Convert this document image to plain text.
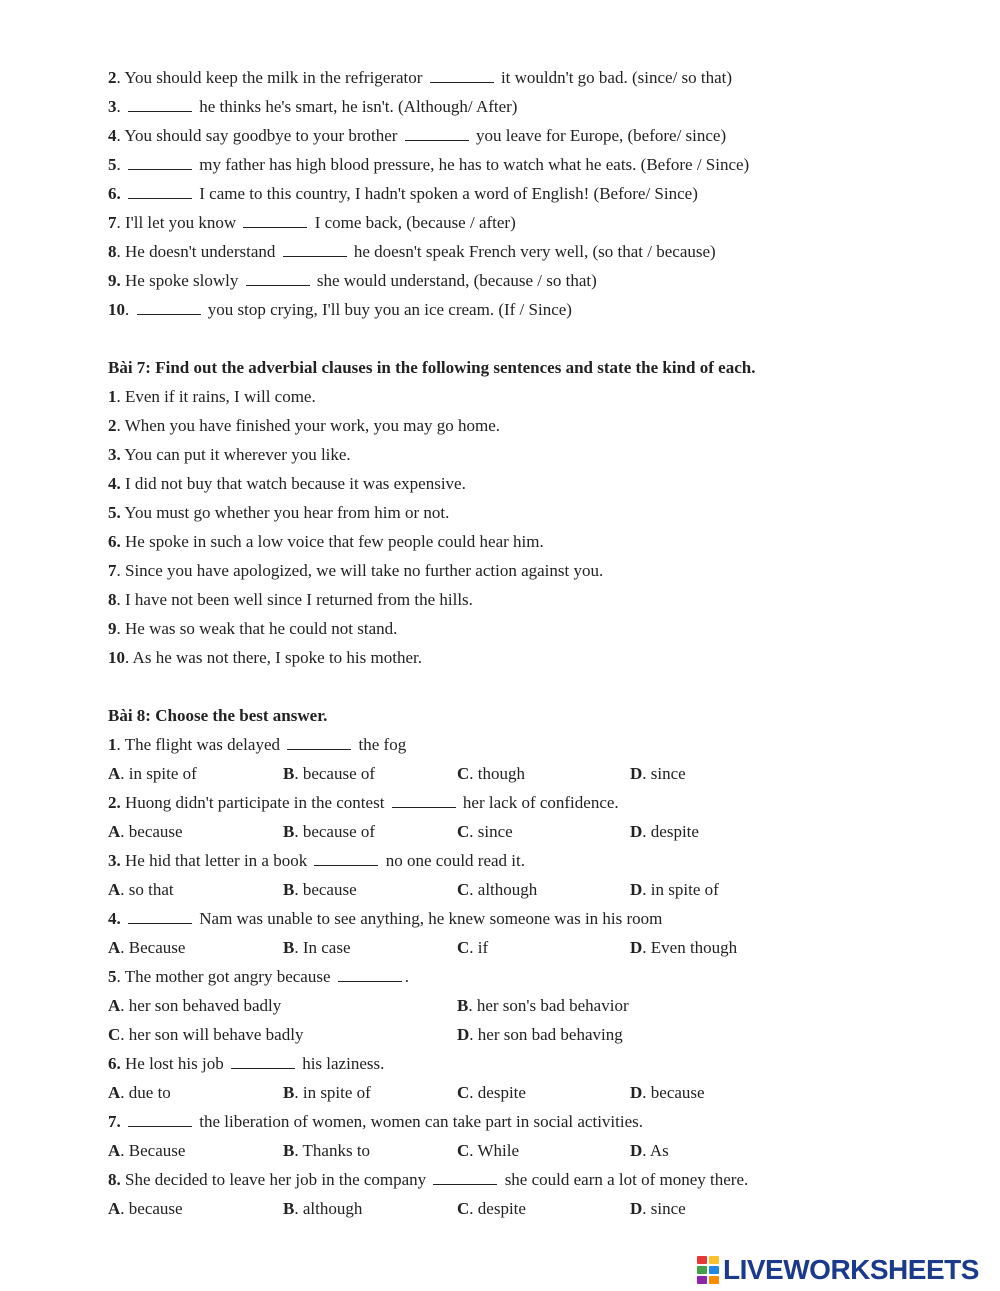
2. You should keep the milk in the refrigerator	it wouldn't go bad. (since/ so that)
3.	he thinks he's smart, he isn't. (Although/ After)
4. You should say goodbye to your brother	you leave for Europe, (before/ since)
5.	my father has high blood pressure, he has to watch what he eats. (Before / Since)
6.	I came to this country, I hadn't spoken a word of English! (Before/ Since)
7. I'll let you know	I come back, (because / after)
8. He doesn't understand	he doesn't speak French very well, (so that / because)
9. He spoke slowly	she would understand, (because / so that)
10.	you stop crying, I'll buy you an ice cream. (If / Since)
Bài 7: Find out the adverbial clauses in the following sentences and state the kind of each.
1. Even if it rains, I will come.
2. When you have finished your work, you may go home.
3. You can put it wherever you like.
4. I did not buy that watch because it was expensive.
5. You must go whether you hear from him or not.
6. He spoke in such a low voice that few people could hear him.
7. Since you have apologized, we will take no further action against you.
8. I have not been well since I returned from the hills.
9. He was so weak that he could not stand.
10. As he was not there, I spoke to his mother.
Bài 8: Choose the best answer.
1. The flight was delayed	the fog
A. in spite of	B. because of	C. though	D. since
2. Huong didn't participate in the contest	her lack of confidence.
A. because	B. because of	C. since	D. despite
3. He hid that letter in a book	no one could read it.
A. so that	B. because	C. although	D. in spite of
4.	Nam was unable to see anything, he knew someone was in his room
A. Because	B. In case	C. if	D. Even though
5. The mother got angry because	.
A. her son behaved badly	B. her son's bad behavior
C. her son will behave badly	D. her son bad behaving
6. He lost his job	his laziness.
A. due to	B. in spite of	C. despite	D. because
7.	the liberation of women, women can take part in social activities.
A. Because	B. Thanks to	C. While	D. As
8. She decided to leave her job in the company	she could earn a lot of money there.
A. because	B. although	C. despite	D. since
LIVEWORKSHEETS
